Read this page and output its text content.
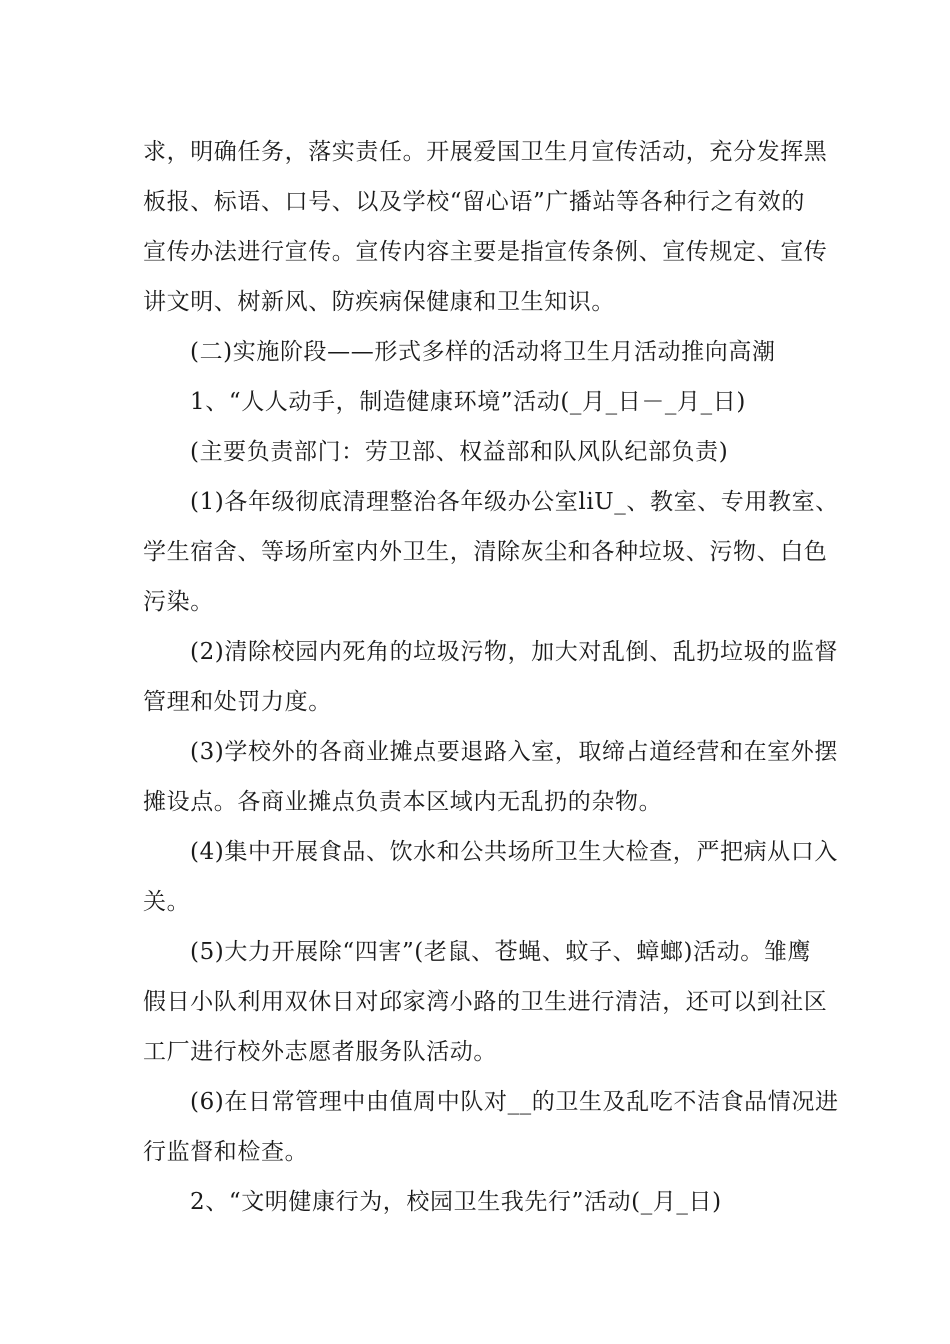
求，明确任务，落实责任。开展爱国卫生月宣传活动，充分发挥黑
板报、标语、口号、以及学校“留心语”广播站等各种行之有效的
宣传办法进行宣传。宣传内容主要是指宣传条例、宣传规定、宣传
讲文明、树新风、防疾病保健康和卫生知识。
(二)实施阶段——形式多样的活动将卫生月活动推向高潮
1、“人人动手，制造健康环境”活动(_月_日－_月_日)
(主要负责部门：劳卫部、权益部和队风队纪部负责)
(1)各年级彻底清理整治各年级办公室liU_、教室、专用教室、
学生宿舍、等场所室内外卫生，清除灰尘和各种垃圾、污物、白色
污染。
(2)清除校园内死角的垃圾污物，加大对乱倒、乱扔垃圾的监督
管理和处罚力度。
(3)学校外的各商业摊点要退路入室，取缔占道经营和在室外摆
摊设点。各商业摊点负责本区域内无乱扔的杂物。
(4)集中开展食品、饮水和公共场所卫生大检查，严把病从口入
关。
(5)大力开展除“四害”(老鼠、苍蝇、蚊子、蟑螂)活动。雏鹰
假日小队利用双休日对邱家湾小路的卫生进行清洁，还可以到社区
工厂进行校外志愿者服务队活动。
(6)在日常管理中由值周中队对__的卫生及乱吃不洁食品情况进
行监督和检查。
2、“文明健康行为，校园卫生我先行”活动(_月_日)
